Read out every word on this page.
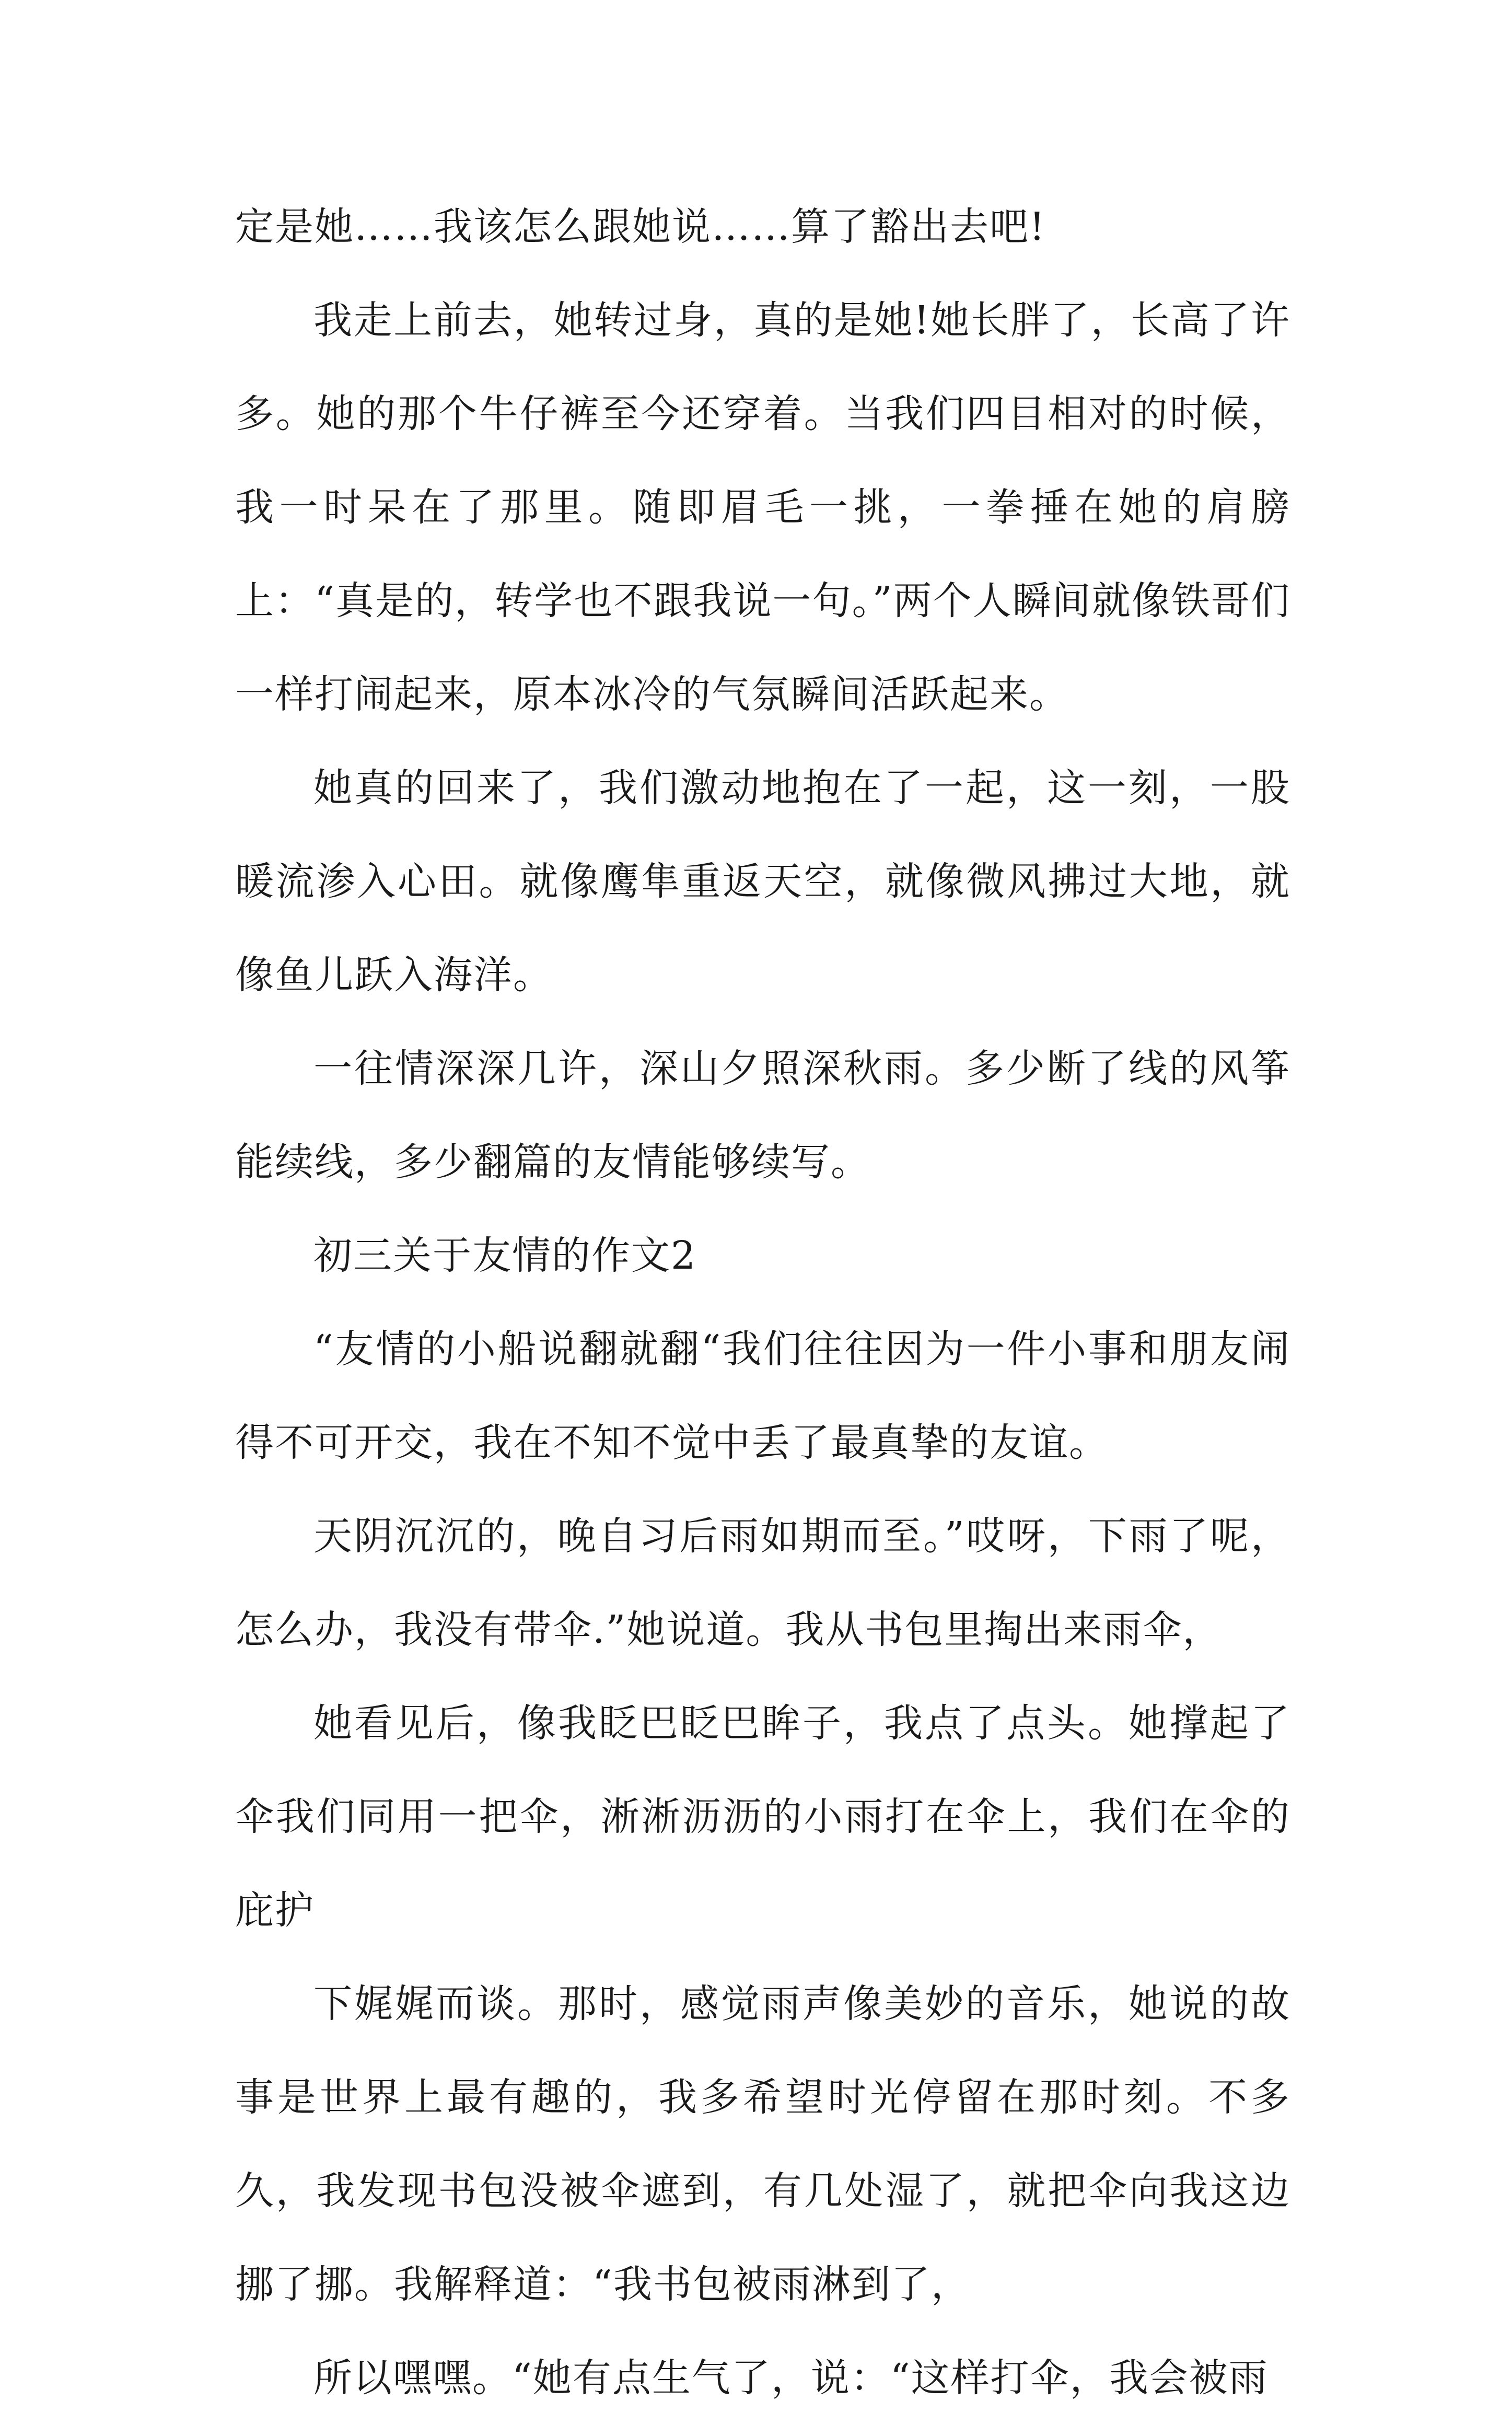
定是她……我该怎么跟她说……算了豁出去吧!

我走上前去，她转过身，真的是她!她长胖了，长高了许多。她的那个牛仔裤至今还穿着。当我们四目相对的时候，我一时呆在了那里。随即眉毛一挑，一拳捶在她的肩膀上：“真是的，转学也不跟我说一句。”两个人瞬间就像铁哥们一样打闹起来，原本冰冷的气氛瞬间活跃起来。

她真的回来了，我们激动地抱在了一起，这一刻，一股暖流渗入心田。就像鹰隼重返天空，就像微风拂过大地，就像鱼儿跃入海洋。

一往情深深几许，深山夕照深秋雨。多少断了线的风筝能续线，多少翻篇的友情能够续写。

初三关于友情的作文2

“友情的小船说翻就翻“我们往往因为一件小事和朋友闹得不可开交，我在不知不觉中丢了最真挚的友谊。

天阴沉沉的，晚自习后雨如期而至。”哎呀，下雨了呢，怎么办，我没有带伞.”她说道。我从书包里掏出来雨伞，

她看见后，像我眨巴眨巴眸子，我点了点头。她撑起了伞我们同用一把伞，淅淅沥沥的小雨打在伞上，我们在伞的庇护

下娓娓而谈。那时，感觉雨声像美妙的音乐，她说的故事是世界上最有趣的，我多希望时光停留在那时刻。不多久，我发现书包没被伞遮到，有几处湿了，就把伞向我这边挪了挪。我解释道：“我书包被雨淋到了，

所以嘿嘿。“她有点生气了，说：“这样打伞，我会被雨
